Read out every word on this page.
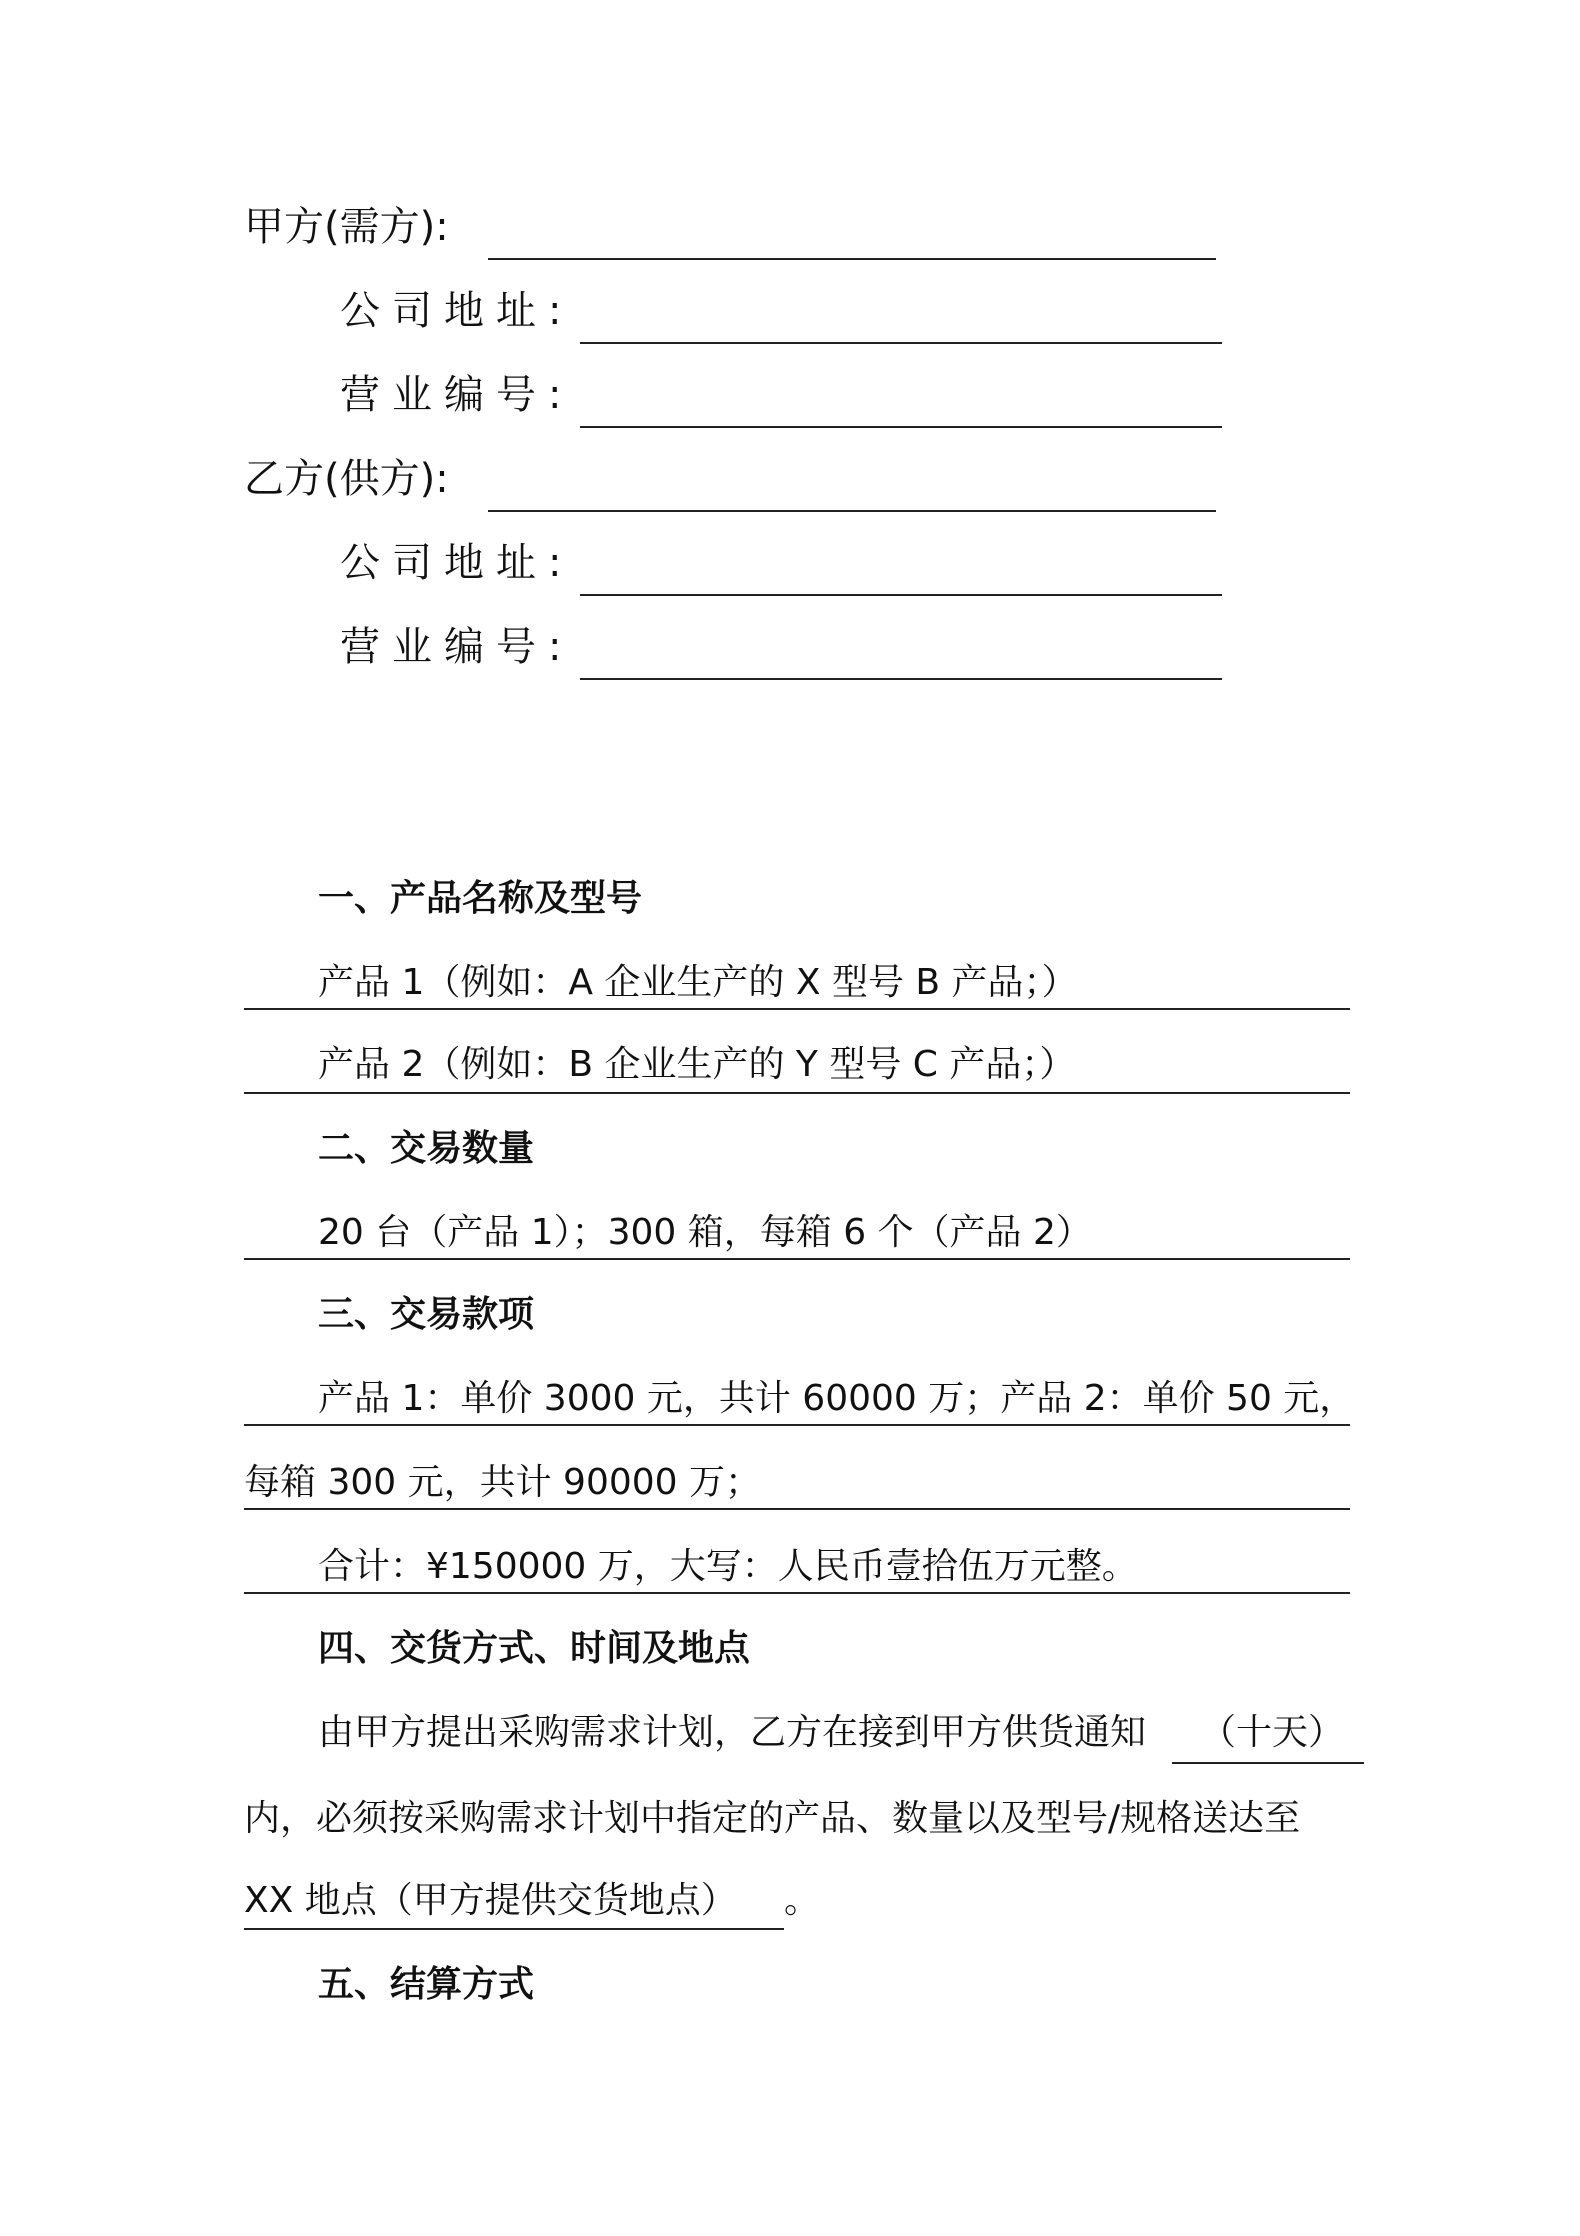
甲方(需方):
公司地址:
营业编号:
乙方(供方):
公司地址:
营业编号:
一、产品名称及型号
产品 1（例如：A 企业生产的 X 型号 B 产品；）
产品 2（例如：B 企业生产的 Y 型号 C 产品；）
二、交易数量
20 台（产品 1）；300 箱，每箱 6 个（产品 2）
三、交易款项
产品 1：单价 3000 元，共计 60000 万；产品 2：单价 50 元，
每箱 300 元，共计 90000 万；
合计：¥150000 万，大写：人民币壹拾伍万元整。
四、交货方式、时间及地点
由甲方提出采购需求计划，乙方在接到甲方供货通知 （十天）
内，必须按采购需求计划中指定的产品、数量以及型号/规格送达至
XX 地点（甲方提供交货地点） 。
五、结算方式
